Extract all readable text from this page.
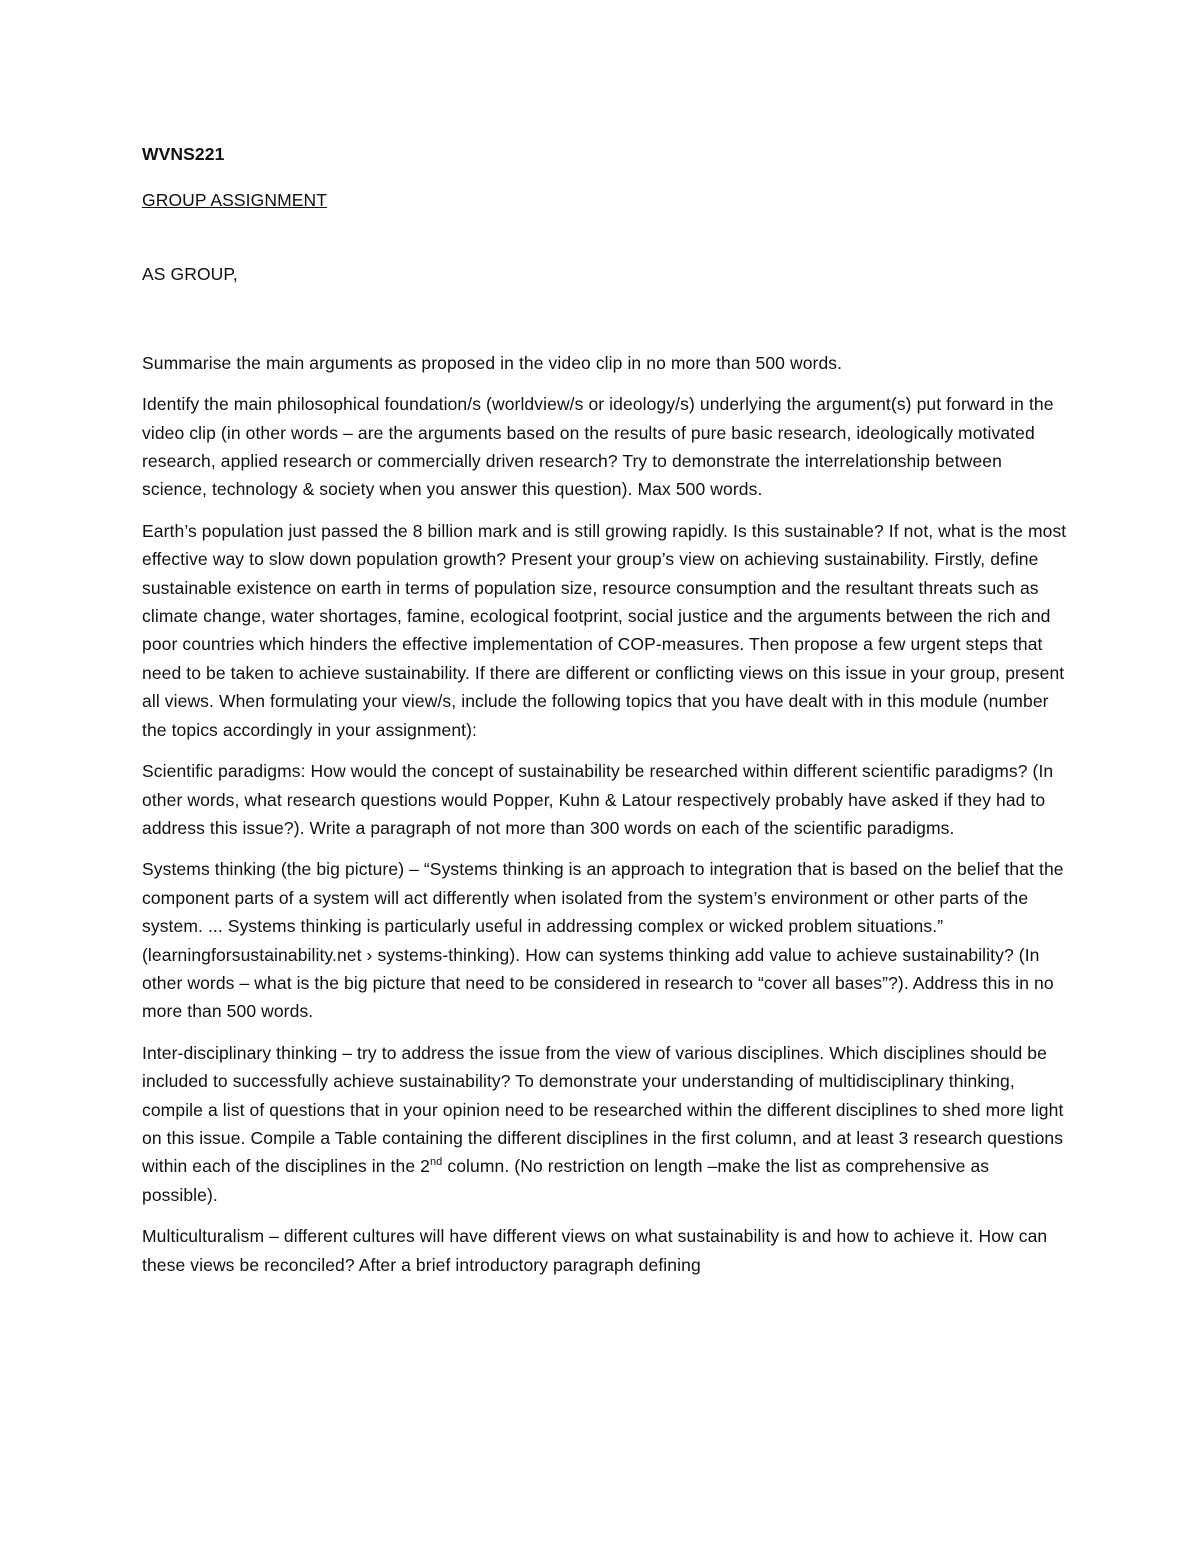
WVNS221

GROUP ASSIGNMENT

AS GROUP,

Summarise the main arguments as proposed in the video clip in no more than 500 words.

Identify the main philosophical foundation/s (worldview/s or ideology/s) underlying the argument(s) put forward in the video clip (in other words – are the arguments based on the results of pure basic research, ideologically motivated research, applied research or commercially driven research? Try to demonstrate the interrelationship between science, technology & society when you answer this question). Max 500 words.

Earth’s population just passed the 8 billion mark and is still growing rapidly. Is this sustainable? If not, what is the most effective way to slow down population growth? Present your group’s view on achieving sustainability. Firstly, define sustainable existence on earth in terms of population size, resource consumption and the resultant threats such as climate change, water shortages, famine, ecological footprint, social justice and the arguments between the rich and poor countries which hinders the effective implementation of COP-measures. Then propose a few urgent steps that need to be taken to achieve sustainability. If there are different or conflicting views on this issue in your group, present all views. When formulating your view/s, include the following topics that you have dealt with in this module (number the topics accordingly in your assignment):

Scientific paradigms: How would the concept of sustainability be researched within different scientific paradigms? (In other words, what research questions would Popper, Kuhn & Latour respectively probably have asked if they had to address this issue?). Write a paragraph of not more than 300 words on each of the scientific paradigms.

Systems thinking (the big picture) – “Systems thinking is an approach to integration that is based on the belief that the component parts of a system will act differently when isolated from the system’s environment or other parts of the system. ... Systems thinking is particularly useful in addressing complex or wicked problem situations.” (learningforsustainability.net › systems-thinking). How can systems thinking add value to achieve sustainability? (In other words – what is the big picture that need to be considered in research to “cover all bases”?). Address this in no more than 500 words.

Inter-disciplinary thinking – try to address the issue from the view of various disciplines. Which disciplines should be included to successfully achieve sustainability? To demonstrate your understanding of multidisciplinary thinking, compile a list of questions that in your opinion need to be researched within the different disciplines to shed more light on this issue. Compile a Table containing the different disciplines in the first column, and at least 3 research questions within each of the disciplines in the 2nd column. (No restriction on length –make the list as comprehensive as possible).

Multiculturalism – different cultures will have different views on what sustainability is and how to achieve it. How can these views be reconciled? After a brief introductory paragraph defining
